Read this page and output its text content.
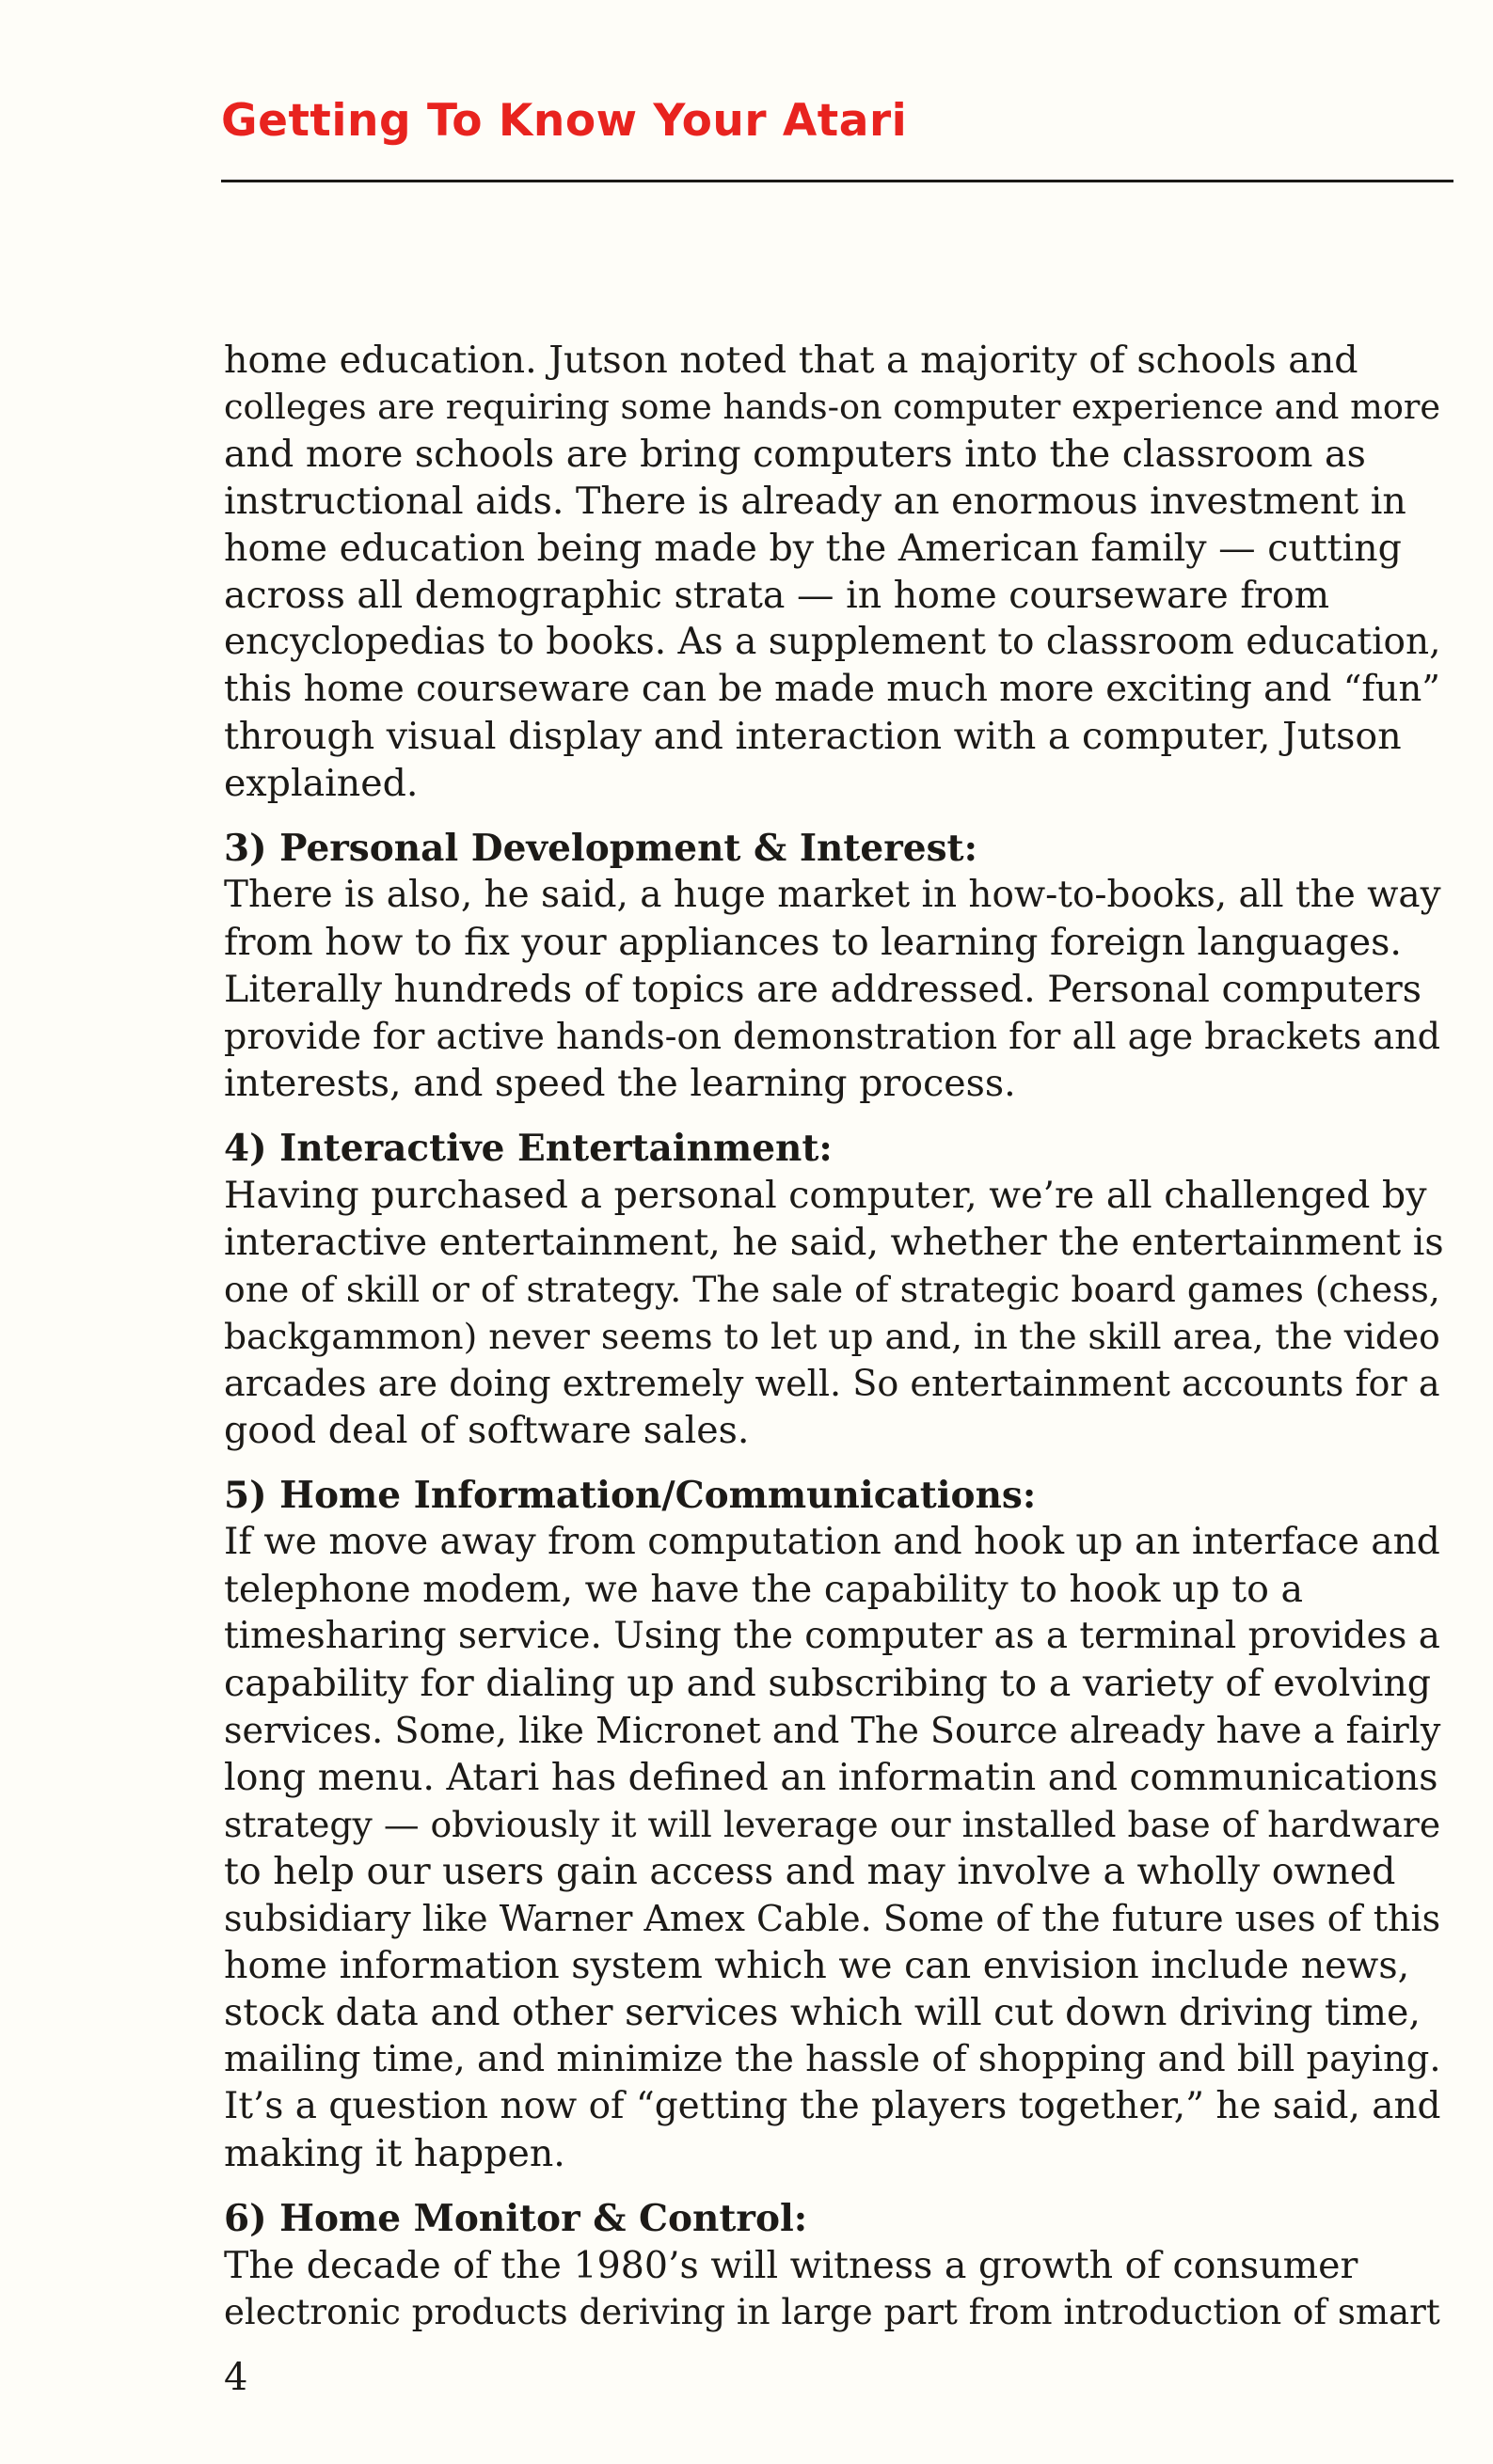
Getting To Know Your Atari

home education. Jutson noted that a majority of schools and
colleges are requiring some hands-on computer experience and more
and more schools are bring computers into the classroom as
instructional aids. There is already an enormous investment in
home education being made by the American family — cutting
across all demographic strata — in home courseware from
encyclopedias to books. As a supplement to classroom education,
this home courseware can be made much more exciting and “fun”
through visual display and interaction with a computer, Jutson
explained.

3) Personal Development & Interest:

There is also, he said, a huge market in how-to-books, all the way
from how to fix your appliances to learning foreign languages.
Literally hundreds of topics are addressed. Personal computers
provide for active hands-on demonstration for all age brackets and
interests, and speed the learning process.

4) Interactive Entertainment:

Having purchased a personal computer, we’re all challenged by
interactive entertainment, he said, whether the entertainment is
one of skill or of strategy. The sale of strategic board games (chess,
backgammon) never seems to let up and, in the skill area, the video
arcades are doing extremely well. So entertainment accounts for a
good deal of software sales.

5) Home Information/Communications:

If we move away from computation and hook up an interface and
telephone modem, we have the capability to hook up to a
timesharing service. Using the computer as a terminal provides a
capability for dialing up and subscribing to a variety of evolving
services. Some, like Micronet and The Source already have a fairly
long menu. Atari has defined an informatin and communications
strategy — obviously it will leverage our installed base of hardware
to help our users gain access and may involve a wholly owned
subsidiary like Warner Amex Cable. Some of the future uses of this
home information system which we can envision include news,
stock data and other services which will cut down driving time,
mailing time, and minimize the hassle of shopping and bill paying.
It’s a question now of “getting the players together,” he said, and
making it happen.

6) Home Monitor & Control:

The decade of the 1980’s will witness a growth of consumer
electronic products deriving in large part from introduction of smart

4
